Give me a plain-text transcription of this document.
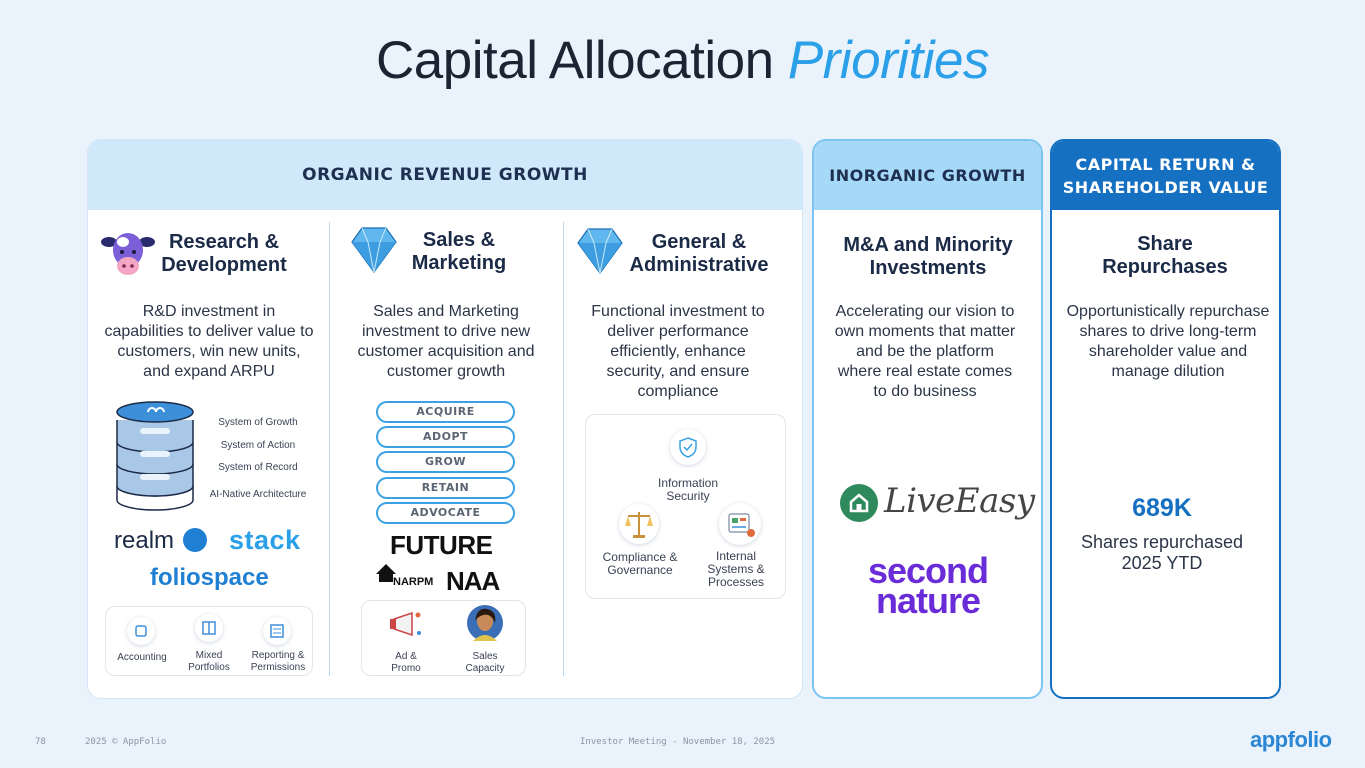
Capital Allocation Priorities
ORGANIC REVENUE GROWTH
Research & Development
R&D investment in capabilities to deliver value to customers, win new units, and expand ARPU
System of Growth
System of Action
System of Record
AI-Native Architecture
realm	stack
foliospace
Accounting	Mixed Portfolios
Reporting & Permissions
Sales & Marketing
Sales and Marketing investment to drive new customer acquisition and customer growth
ACQUIRE
ADOPT
GROW
RETAIN
ADVOCATE
FUTURE
NARPM NAA
Ad & Promo
Sales Capacity
General & Administrative
Functional investment to deliver performance efficiently, enhance security, and ensure compliance
Information Security
Compliance & Governance
Internal Systems & Processes
INORGANIC GROWTH
M&A and Minority Investments
Accelerating our vision to own moments that matter and be the platform where real estate comes to do business
LiveEasy
second
nature
CAPITAL RETURN &
SHAREHOLDER VALUE
Share Repurchases
Opportunistically repurchase shares to drive long-term shareholder value and manage dilution
689K
Shares repurchased 2025 YTD
78	2025 © AppFolio	Investor Meeting - November 18, 2025	appfolio
